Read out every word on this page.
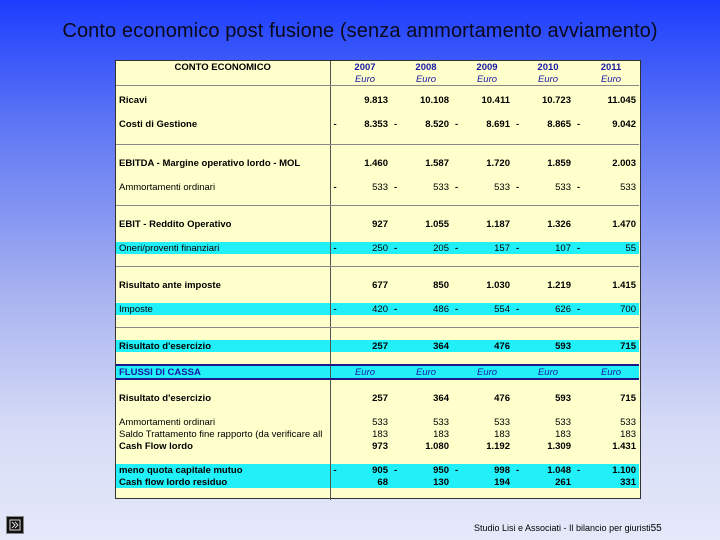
Conto economico post fusione (senza ammortamento avviamento)
CONTO ECONOMICO		2007		2008		2009		2010		2011
		Euro		Euro		Euro		Euro		Euro

Ricavi		9.813		10.108		10.411		10.723		11.045

Costi di Gestione	-	8.353	-	8.520	-	8.691	-	8.865	-	9.042

EBITDA - Margine operativo lordo - MOL		1.460		1.587		1.720		1.859		2.003

Ammortamenti ordinari	-	533	-	533	-	533	-	533	-	533

EBIT - Reddito Operativo		927		1.055		1.187		1.326		1.470

Oneri/proventi finanziari	-	250	-	205	-	157	-	107	-	55

Risultato ante imposte		677		850		1.030		1.219		1.415

Imposte	-	420	-	486	-	554	-	626	-	700

Risultato d'esercizio		257		364		476		593		715

FLUSSI DI CASSA		Euro		Euro		Euro		Euro		Euro

Risultato d'esercizio		257		364		476		593		715

Ammortamenti ordinari		533		533		533		533		533
Saldo Trattamento fine rapporto (da verificare all		183		183		183		183		183
Cash Flow lordo		973		1.080		1.192		1.309		1.431

meno quota capitale mutuo	-	905	-	950	-	998	-	1.048	-	1.100
Cash flow lordo residuo		68		130		194		261		331

Studio Lisi e Associati - Il bilancio per giuristi55
